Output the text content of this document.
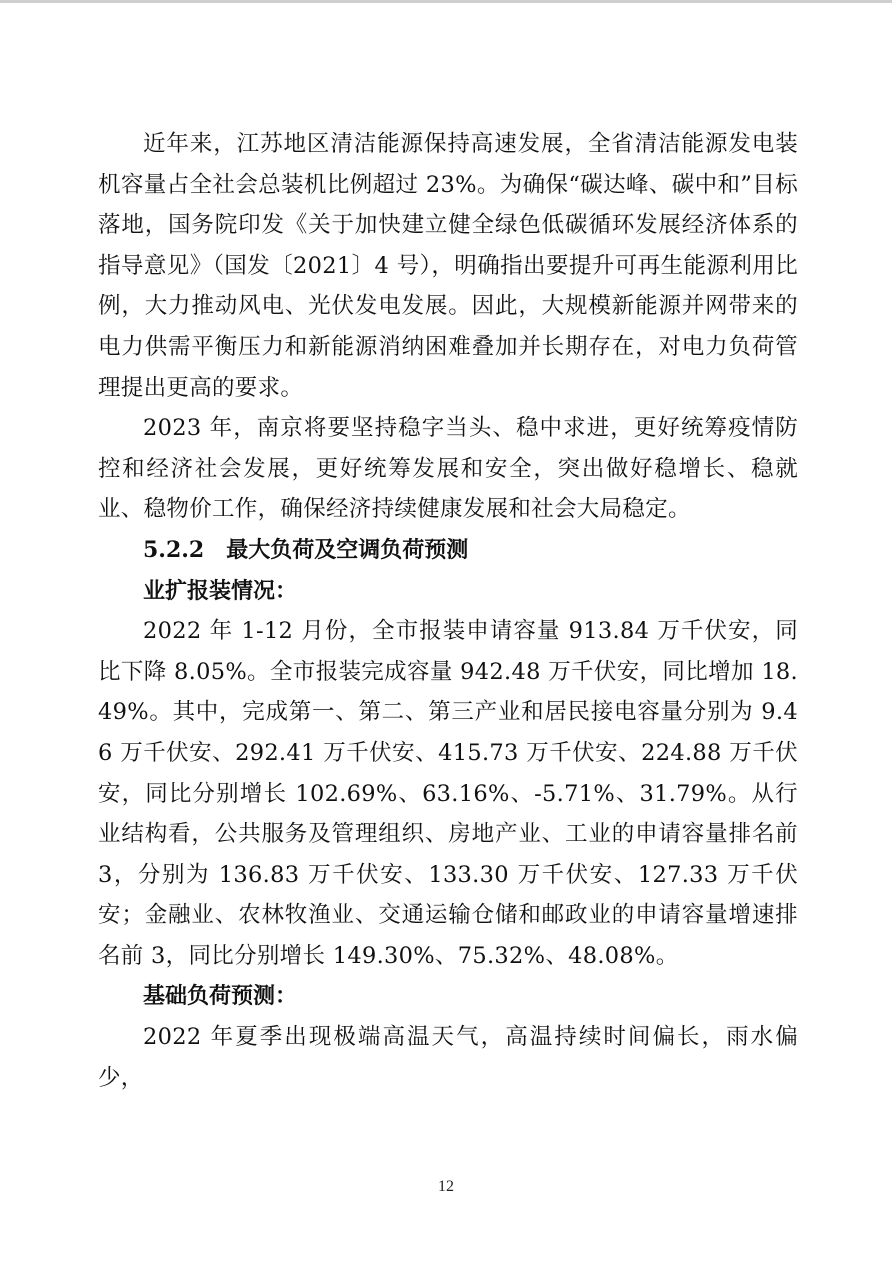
近年来，江苏地区清洁能源保持高速发展，全省清洁能源发电装机容量占全社会总装机比例超过 23%。为确保“碳达峰、碳中和”目标落地，国务院印发《关于加快建立健全绿色低碳循环发展经济体系的指导意见》（国发〔2021〕4 号），明确指出要提升可再生能源利用比例，大力推动风电、光伏发电发展。因此，大规模新能源并网带来的电力供需平衡压力和新能源消纳困难叠加并长期存在，对电力负荷管理提出更高的要求。

2023 年，南京将要坚持稳字当头、稳中求进，更好统筹疫情防控和经济社会发展，更好统筹发展和安全，突出做好稳增长、稳就业、稳物价工作，确保经济持续健康发展和社会大局稳定。

5.2.2　最大负荷及空调负荷预测

业扩报装情况：

2022 年 1-12 月份，全市报装申请容量 913.84 万千伏安，同比下降 8.05%。全市报装完成容量 942.48 万千伏安，同比增加 18.49%。其中，完成第一、第二、第三产业和居民接电容量分别为 9.46 万千伏安、292.41 万千伏安、415.73 万千伏安、224.88 万千伏安，同比分别增长 102.69%、63.16%、-5.71%、31.79%。从行业结构看，公共服务及管理组织、房地产业、工业的申请容量排名前 3，分别为 136.83 万千伏安、133.30 万千伏安、127.33 万千伏安；金融业、农林牧渔业、交通运输仓储和邮政业的申请容量增速排名前 3，同比分别增长 149.30%、75.32%、48.08%。

基础负荷预测：

2022 年夏季出现极端高温天气，高温持续时间偏长，雨水偏少，

12
